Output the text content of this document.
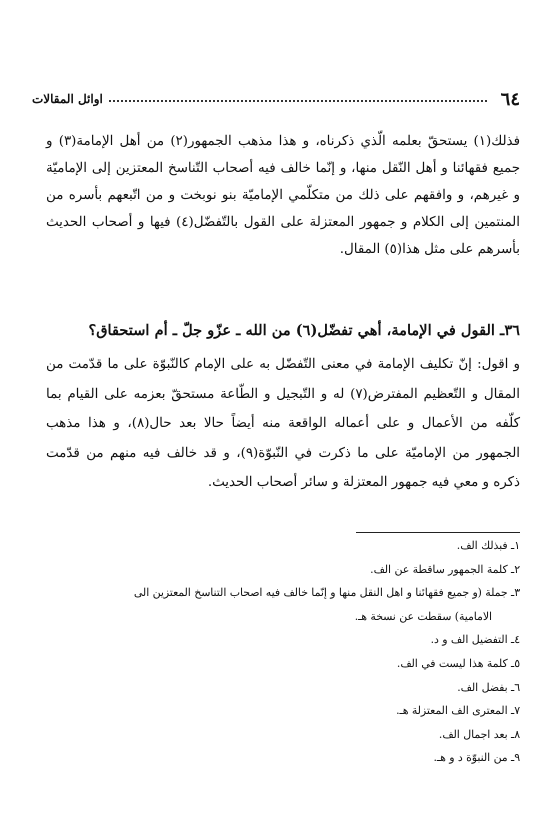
٦٤
اوائل المقالات

فذلك(١) يستحقّ بعلمه الّذي ذكرناه، و هذا مذهب الجمهور(٢) من أهل الإمامة(٣) و جميع فقهائنا و أهل النّقل منها، و إنّما خالف فيه أصحاب التّناسخ المعتزين إلى الإماميّة و غيرهم، و وافقهم على ذلك من متكلّمي الإماميّة بنو نوبخت و من اتّبعهم بأسره من المنتمين إلى الكلام و جمهور المعتزلة على القول بالتّفضّل(٤) فيها و أصحاب الحديث بأسرهم على مثل هذا(٥) المقال.

٣٦ـ القول في الإمامة، أهي تفضّل(٦) من الله ـ عزّو جلّ ـ أم استحقاق؟

و اقول: إنّ تكليف الإمامة في معنى التّفضّل به على الإمام كالنّبوّة على ما قدّمت من المقال و التّعظيم المفترض(٧) له و التّبجيل و الطّاعة مستحقّ بعزمه على القيام بما كلّفه من الأعمال و على أعماله الواقعة منه أيضاً حالا بعد حال(٨)، و هذا مذهب الجمهور من الإماميّة على ما ذكرت في النّبوّة(٩)، و قد خالف فيه منهم من قدّمت ذكره و معي فيه جمهور المعتزلة و سائر أصحاب الحديث.

١ـ فبذلك الف.

٢ـ كلمة الجمهور ساقطة عن الف.

٣ـ جملة (و جميع فقهائنا و اهل النقل منها و إنّما خالف فيه اصحاب التناسخ المعتزين الى

الامامية) سقطت عن نسخة هـ.

٤ـ التفضيل الف و د.

٥ـ كلمة هذا ليست في الف.

٦ـ بفضل الف.

٧ـ المعترى الف المعتزلة هـ.

٨ـ بعد اجمال الف.

٩ـ من النبوّة د و هـ.
